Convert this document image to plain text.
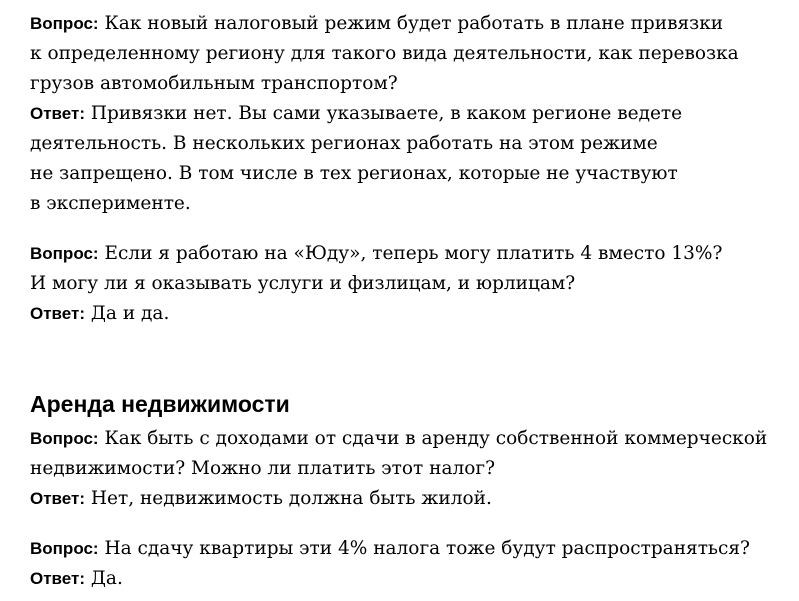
Вопрос: Как новый налоговый режим будет работать в плане привязки
к определенному региону для такого вида деятельности, как перевозка
грузов автомобильным транспортом?
Ответ: Привязки нет. Вы сами указываете, в каком регионе ведете
деятельность. В нескольких регионах работать на этом режиме
не запрещено. В том числе в тех регионах, которые не участвуют
в эксперименте.

Вопрос: Если я работаю на «Юду», теперь могу платить 4 вместо 13%?
И могу ли я оказывать услуги и физлицам, и юрлицам?
Ответ: Да и да.

Аренда недвижимости

Вопрос: Как быть с доходами от сдачи в аренду собственной коммерческой
недвижимости? Можно ли платить этот налог?
Ответ: Нет, недвижимость должна быть жилой.

Вопрос: На сдачу квартиры эти 4% налога тоже будут распространяться?
Ответ: Да.
